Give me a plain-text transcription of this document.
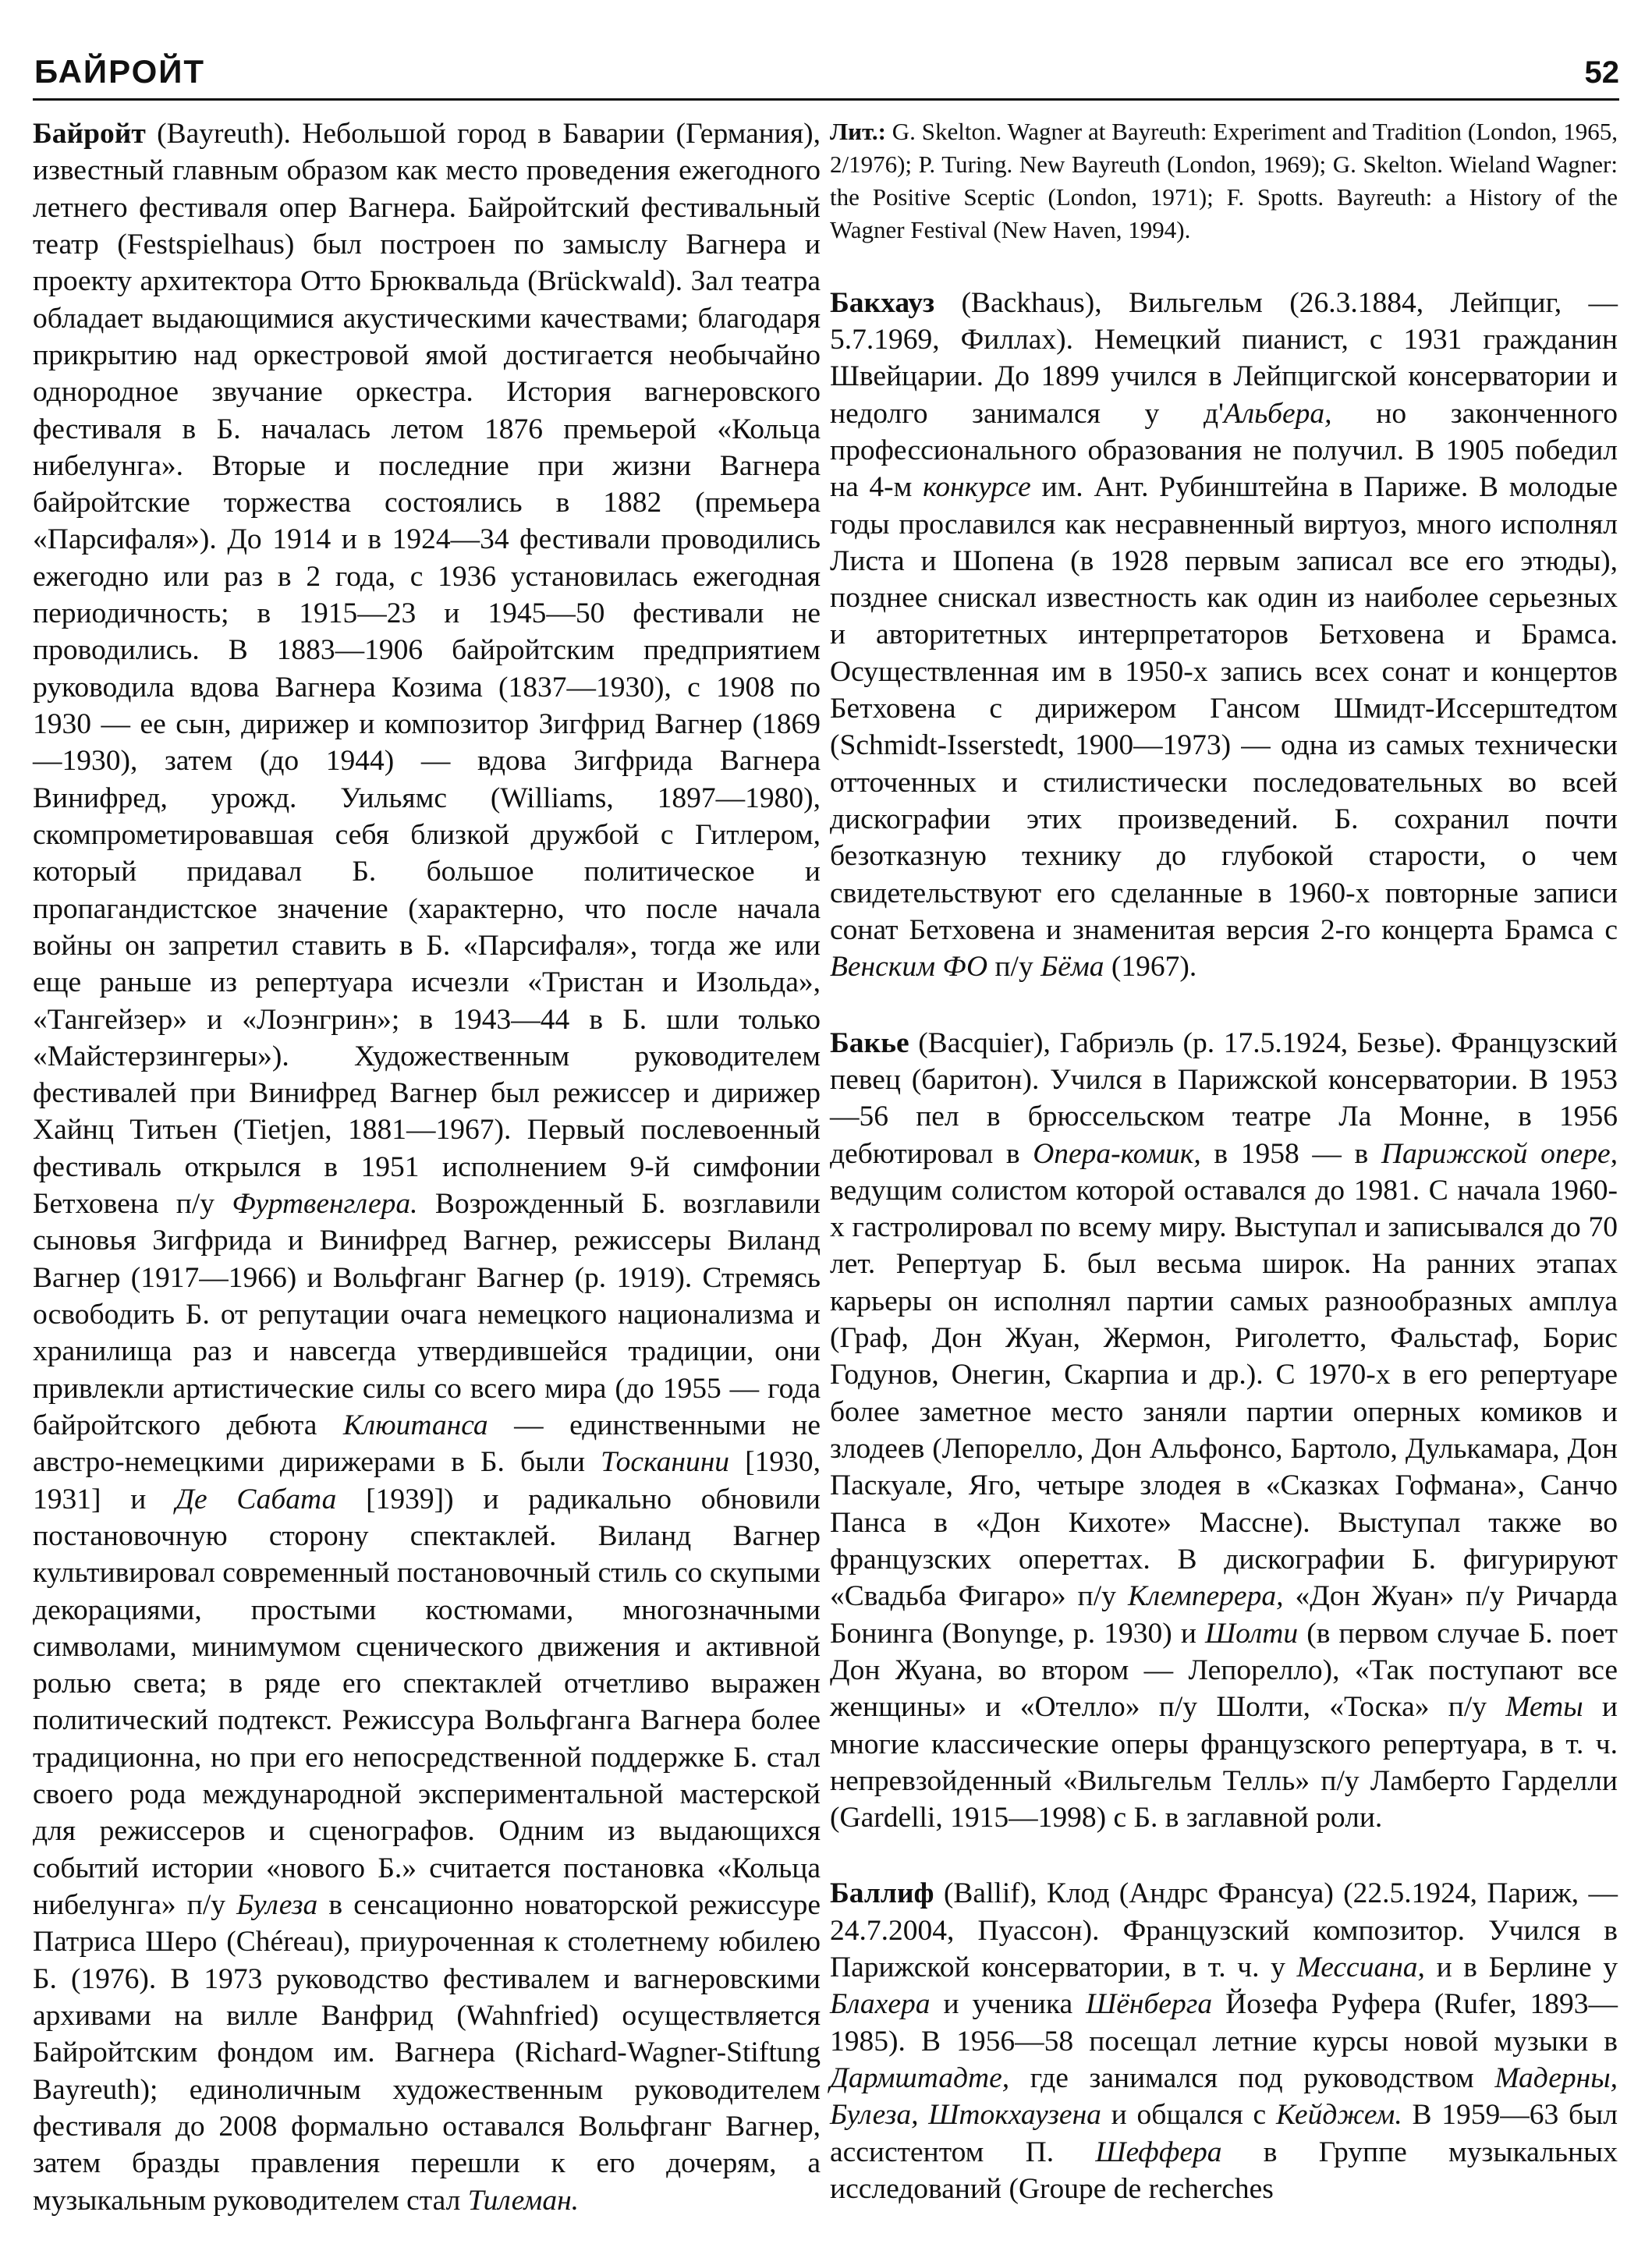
БАЙРОЙТ	52

Байройт (Bayreuth). Небольшой город в Баварии (Германия), известный главным образом как место проведения ежегодного летнего фестиваля опер Вагнера. Байройтский фестивальный театр (Festspielhaus) был построен по замыслу Вагнера и проекту архитектора Отто Брюквальда (Brückwald). Зал театра обладает выдающимися акустическими качествами; благодаря прикрытию над оркестровой ямой достигается необычайно однородное звучание оркестра. История вагнеровского фестиваля в Б. началась летом 1876 премьерой «Кольца нибелунга». Вторые и последние при жизни Вагнера байройтские торжества состоялись в 1882 (премьера «Парсифаля»). До 1914 и в 1924—34 фестивали проводились ежегодно или раз в 2 года, с 1936 установилась ежегодная периодичность; в 1915—23 и 1945—50 фестивали не проводились. В 1883—1906 байройтским предприятием руководила вдова Вагнера Козима (1837—1930), с 1908 по 1930 — ее сын, дирижер и композитор Зигфрид Вагнер (1869—1930), затем (до 1944) — вдова Зигфрида Вагнера Винифред, урожд. Уильямс (Williams, 1897—1980), скомпрометировавшая себя близкой дружбой с Гитлером, который придавал Б. большое политическое и пропагандистское значение (характерно, что после начала войны он запретил ставить в Б. «Парсифаля», тогда же или еще раньше из репертуара исчезли «Тристан и Изольда», «Тангейзер» и «Лоэнгрин»; в 1943—44 в Б. шли только «Майстерзингеры»). Художественным руководителем фестивалей при Винифред Вагнер был режиссер и дирижер Хайнц Титьен (Tietjen, 1881—1967). Первый послевоенный фестиваль открылся в 1951 исполнением 9-й симфонии Бетховена п/у Фуртвенглера. Возрожденный Б. возглавили сыновья Зигфрида и Винифред Вагнер, режиссеры Виланд Вагнер (1917—1966) и Вольфганг Вагнер (р. 1919). Стремясь освободить Б. от репутации очага немецкого национализма и хранилища раз и навсегда утвердившейся традиции, они привлекли артистические силы со всего мира (до 1955 — года байройтского дебюта Клюитанса — единственными не австро-немецкими дирижерами в Б. были Тосканини [1930, 1931] и Де Сабата [1939]) и радикально обновили постановочную сторону спектаклей. Виланд Вагнер культивировал современный постановочный стиль со скупыми декорациями, простыми костюмами, многозначными символами, минимумом сценического движения и активной ролью света; в ряде его спектаклей отчетливо выражен политический подтекст. Режиссура Вольфганга Вагнера более традиционна, но при его непосредственной поддержке Б. стал своего рода международной экспериментальной мастерской для режиссеров и сценографов. Одним из выдающихся событий истории «нового Б.» считается постановка «Кольца нибелунга» п/у Булеза в сенсационно новаторской режиссуре Патриса Шеро (Chéreau), приуроченная к столетнему юбилею Б. (1976). В 1973 руководство фестивалем и вагнеровскими архивами на вилле Ванфрид (Wahnfried) осуществляется Байройтским фондом им. Вагнера (Richard-Wagner-Stiftung Bayreuth); единоличным художественным руководителем фестиваля до 2008 формально оставался Вольфганг Вагнер, затем бразды правления перешли к его дочерям, а музыкальным руководителем стал Тилеман.

Лит.: G. Skelton. Wagner at Bayreuth: Experiment and Tradition (London, 1965, 2/1976); P. Turing. New Bayreuth (London, 1969); G. Skelton. Wieland Wagner: the Positive Sceptic (London, 1971); F. Spotts. Bayreuth: a History of the Wagner Festival (New Haven, 1994).

Бакхауз (Backhaus), Вильгельм (26.3.1884, Лейпциг, — 5.7.1969, Филлах). Немецкий пианист, с 1931 гражданин Швейцарии. До 1899 учился в Лейпцигской консерватории и недолго занимался у д'Альбера, но законченного профессионального образования не получил. В 1905 победил на 4-м конкурсе им. Ант. Рубинштейна в Париже. В молодые годы прославился как несравненный виртуоз, много исполнял Листа и Шопена (в 1928 первым записал все его этюды), позднее снискал известность как один из наиболее серьезных и авторитетных интерпретаторов Бетховена и Брамса. Осуществленная им в 1950-х запись всех сонат и концертов Бетховена с дирижером Гансом Шмидт-Иссерштедтом (Schmidt-Isserstedt, 1900—1973) — одна из самых технически отточенных и стилистически последовательных во всей дискографии этих произведений. Б. сохранил почти безотказную технику до глубокой старости, о чем свидетельствуют его сделанные в 1960-х повторные записи сонат Бетховена и знаменитая версия 2-го концерта Брамса с Венским ФО п/у Бёма (1967).

Бакье (Bacquier), Габриэль (р. 17.5.1924, Безье). Французский певец (баритон). Учился в Парижской консерватории. В 1953—56 пел в брюссельском театре Ла Монне, в 1956 дебютировал в Опера-комик, в 1958 — в Парижской опере, ведущим солистом которой оставался до 1981. С начала 1960-х гастролировал по всему миру. Выступал и записывался до 70 лет. Репертуар Б. был весьма широк. На ранних этапах карьеры он исполнял партии самых разнообразных амплуа (Граф, Дон Жуан, Жермон, Риголетто, Фальстаф, Борис Годунов, Онегин, Скарпиа и др.). С 1970-х в его репертуаре более заметное место заняли партии оперных комиков и злодеев (Лепорелло, Дон Альфонсо, Бартоло, Дулькамара, Дон Паскуале, Яго, четыре злодея в «Сказках Гофмана», Санчо Панса в «Дон Кихоте» Массне). Выступал также во французских опереттах. В дискографии Б. фигурируют «Свадьба Фигаро» п/у Клемперера, «Дон Жуан» п/у Ричарда Бонинга (Bonynge, р. 1930) и Шолти (в первом случае Б. поет Дон Жуана, во втором — Лепорелло), «Так поступают все женщины» и «Отелло» п/у Шолти, «Тоска» п/у Меты и многие классические оперы французского репертуара, в т. ч. непревзойденный «Вильгельм Телль» п/у Ламберто Гарделли (Gardelli, 1915—1998) с Б. в заглавной роли.

Баллиф (Ballif), Клод (Андрс Франсуа) (22.5.1924, Париж, — 24.7.2004, Пуассон). Французский композитор. Учился в Парижской консерватории, в т. ч. у Мессиана, и в Берлине у Блахера и ученика Шёнберга Йозефа Руфера (Rufer, 1893—1985). В 1956—58 посещал летние курсы новой музыки в Дармштадте, где занимался под руководством Мадерны, Булеза, Штокхаузена и общался с Кейджем. В 1959—63 был ассистентом П. Шеффера в Группе музыкальных исследований (Groupe de recherches
